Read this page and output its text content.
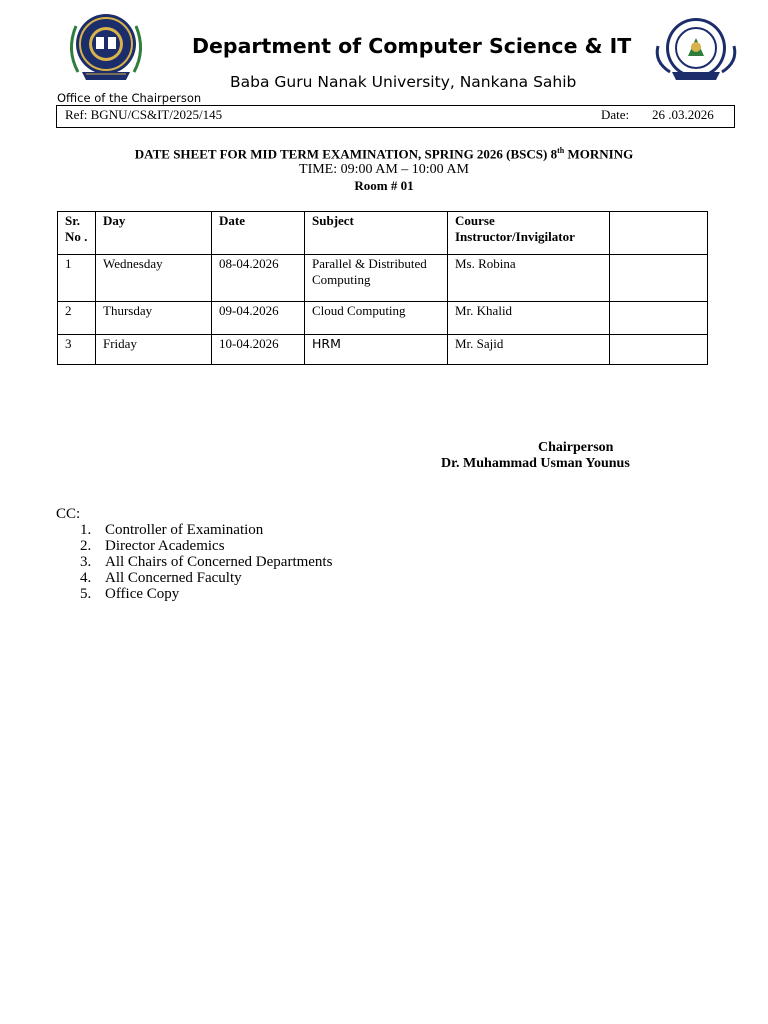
Department of Computer Science & IT
Baba Guru Nanak University, Nankana Sahib
Office of the Chairperson
Ref: BGNU/CS&IT/2025/145	Date: 26 .03.2026
DATE SHEET FOR MID TERM EXAMINATION, SPRING 2026 (BSCS) 8th MORNING
TIME: 09:00 AM – 10:00 AM
Room # 01
Sr. No .	Day	Date	Subject	Course Instructor/Invigilator	
1	Wednesday	08-04.2026	Parallel & Distributed Computing	Ms. Robina	
2	Thursday	09-04.2026	Cloud Computing	Mr. Khalid	
3	Friday	10-04.2026	HRM	Mr. Sajid	
Chairperson
Dr. Muhammad Usman Younus
CC:
1. Controller of Examination
2. Director Academics
3. All Chairs of Concerned Departments
4. All Concerned Faculty
5. Office Copy
